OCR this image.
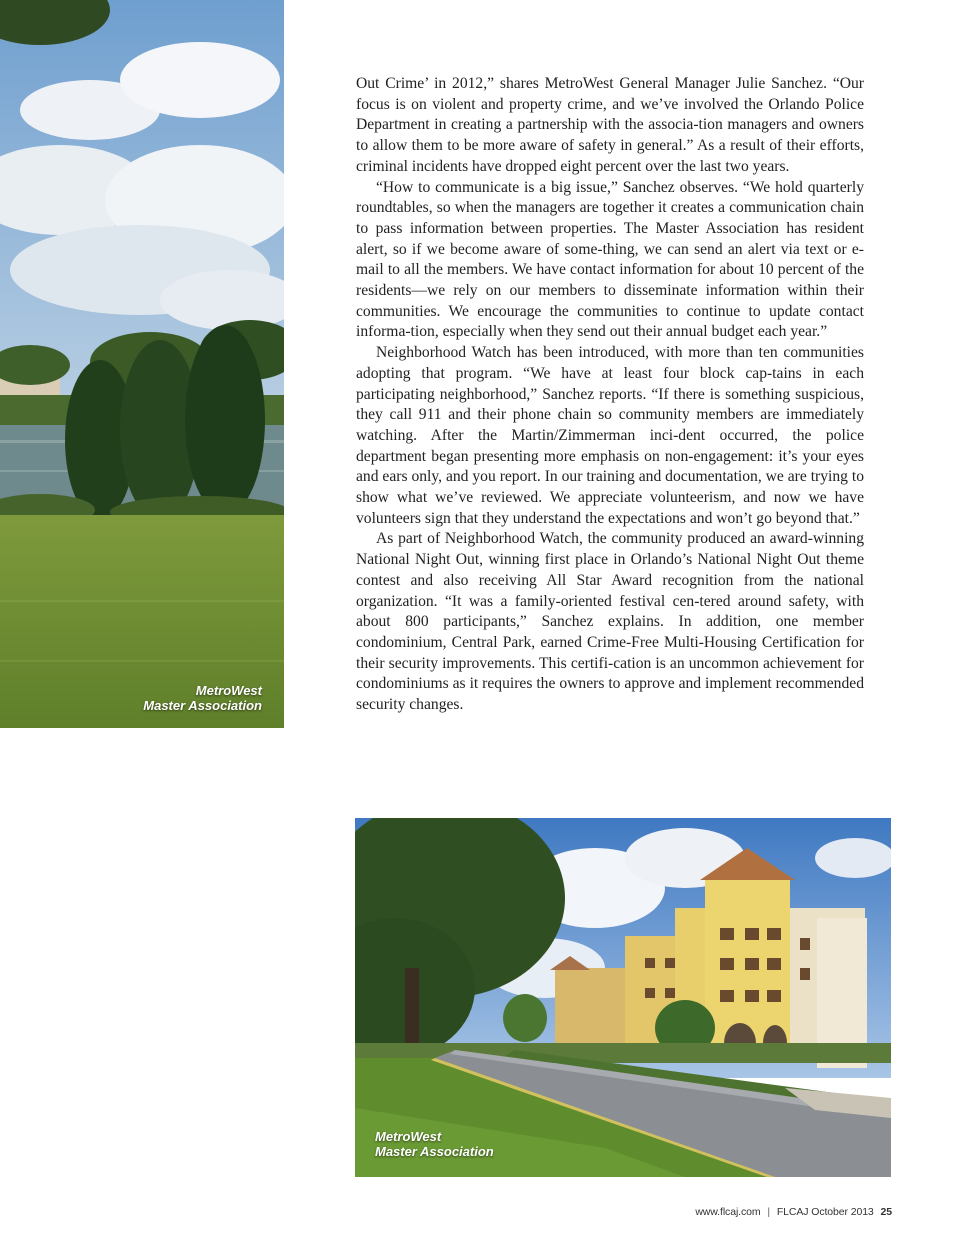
MetroWest
Master Association

Out Crime’ in 2012,” shares MetroWest General Manager Julie Sanchez. “Our focus is on violent and property crime, and we’ve involved the Orlando Police Department in creating a partnership with the associa-tion managers and owners to allow them to be more aware of safety in general.” As a result of their efforts, criminal incidents have dropped eight percent over the last two years.

“How to communicate is a big issue,” Sanchez observes. “We hold quarterly roundtables, so when the managers are together it creates a communication chain to pass information between properties. The Master Association has resident alert, so if we become aware of some-thing, we can send an alert via text or e-mail to all the members. We have contact information for about 10 percent of the residents—we rely on our members to disseminate information within their communities. We encourage the communities to continue to update contact informa-tion, especially when they send out their annual budget each year.”

Neighborhood Watch has been introduced, with more than ten communities adopting that program. “We have at least four block cap-tains in each participating neighborhood,” Sanchez reports. “If there is something suspicious, they call 911 and their phone chain so community members are immediately watching. After the Martin/Zimmerman inci-dent occurred, the police department began presenting more emphasis on non-engagement: it’s your eyes and ears only, and you report. In our training and documentation, we are trying to show what we’ve reviewed. We appreciate volunteerism, and now we have volunteers sign that they understand the expectations and won’t go beyond that.”

As part of Neighborhood Watch, the community produced an award-winning National Night Out, winning first place in Orlando’s National Night Out theme contest and also receiving All Star Award recognition from the national organization. “It was a family-oriented festival cen-tered around safety, with about 800 participants,” Sanchez explains. In addition, one member condominium, Central Park, earned Crime-Free Multi-Housing Certification for their security improvements. This certifi-cation is an uncommon achievement for condominiums as it requires the owners to approve and implement recommended security changes.

MetroWest
Master Association
www.flcaj.com | FLCAJ October 2013 25
